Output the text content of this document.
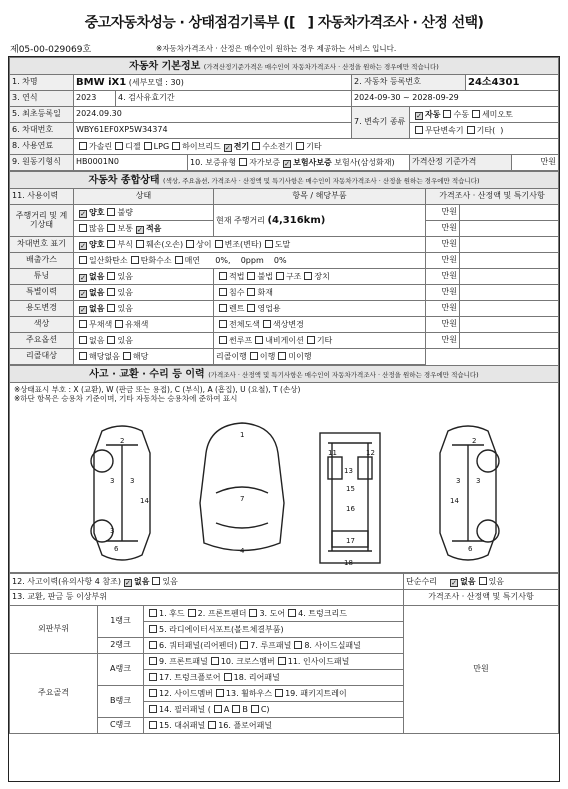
중고자동차성능 · 상태점검기록부 ([ ] 자동차가격조사 · 산정 선택)
제05-00-029069호	※자동차가격조사 · 산정은 매수인이 원하는 경우 제공하는 서비스 입니다.
자동차 기본정보 (가격산정기준가격은 매수인이 자동차가격조사 · 산정을 원하는 경우에만 적습니다)							
1. 차명	BMW iX1 (세부모델 : 30)			2. 자동차 등록번호		24소4301	
3. 연식	2023	4. 검사유효기간		2024-09-30 ~ 2028-09-29			
5. 최초등록일	2024.09.30			7. 변속기 종류	✓자동 수동 세미오토
6. 차대번호	WBY61EF0XP5W34374				무단변속기 기타(  )		
8. 사용연료	가솔린 디젤 LPG 하이브리드 ✓ 전기 수소전기 기타
9. 원동기형식	HB0001N0		10. 보증유형 자가보증 ✓ 보험사보증 보험사(삼성화재)		가격산정 기준가격		만원
자동차 종합상태 (색상, 주요옵션, 가격조사 · 산정액 및 특기사항은 매수인이 자동차가격조사 · 산정을 원하는 경우에만 적습니다)				
11. 사용이력	상태	항목 / 해당부품	가격조사 · 산정액 및 특기사항	
주행거리 및 계기상태	✓양호 불량	현재 주행거리 (4,316km)	만원	
	많음 보통 ✓ 적음		만원	
차대번호 표기	✓양호 부식 훼손(오손) 상이 변조(변타) 도말		만원	
배출가스	일산화탄소 탄화수소 매연 0%, 0ppm 0%		만원	
튜닝	✓없음 있음	적법 불법 구조 장치	만원	
특별이력	✓없음 있음	침수 화재	만원	
용도변경	✓없음 있음	렌트 영업용	만원	
색상	무채색 유채색	전체도색 색상변경	만원	
주요옵션	없음 있음	썬루프 내비게이션 기타	만원	
리콜대상	해당없음 해당	리콜이행 이행 미이행		
사고 · 교환 · 수리 등 이력 (가격조사 · 산정액 및 특기사항은 매수인이 자동차가격조사 · 산정을 원하는 경우에만 적습니다)
※상태표시 부호 : X (교환), W (판금 또는 용접), C (부식), A (흠집), U (요철), T (손상)
※하단 항목은 승용차 기준이며, 기타 자동차는 승용차에 준하여 표시
2
3 3
14
6
3
1
7
4
11	12
13
15
16
17
18
2
3
3
14
6
12. 사고이력(유의사항 4 참조) ✓ 없음 있음			단순수리 ✓ 없음 있음
13. 교환, 판금 등 이상부위			가격조사 · 산정액 및 특기사항
외판부위	1랭크	1. 후드 2. 프론트펜더 3. 도어 4. 트렁크리드	만원
		5. 라디에이터서포트(볼트체결부품)	
	2랭크	6. 쿼터패널(리어펜더) 7. 루프패널 8. 사이드실패널	
주요골격	A랭크	9. 프론트패널 10. 크로스멤버 11. 인사이드패널	
		17. 트렁크플로어 18. 리어패널	
	B랭크	12. 사이드멤버 13. 휠하우스 19. 패키지트레이	
		14. 필러패널 ( A B C)	
	C랭크	15. 대쉬패널 16. 플로어패널	
